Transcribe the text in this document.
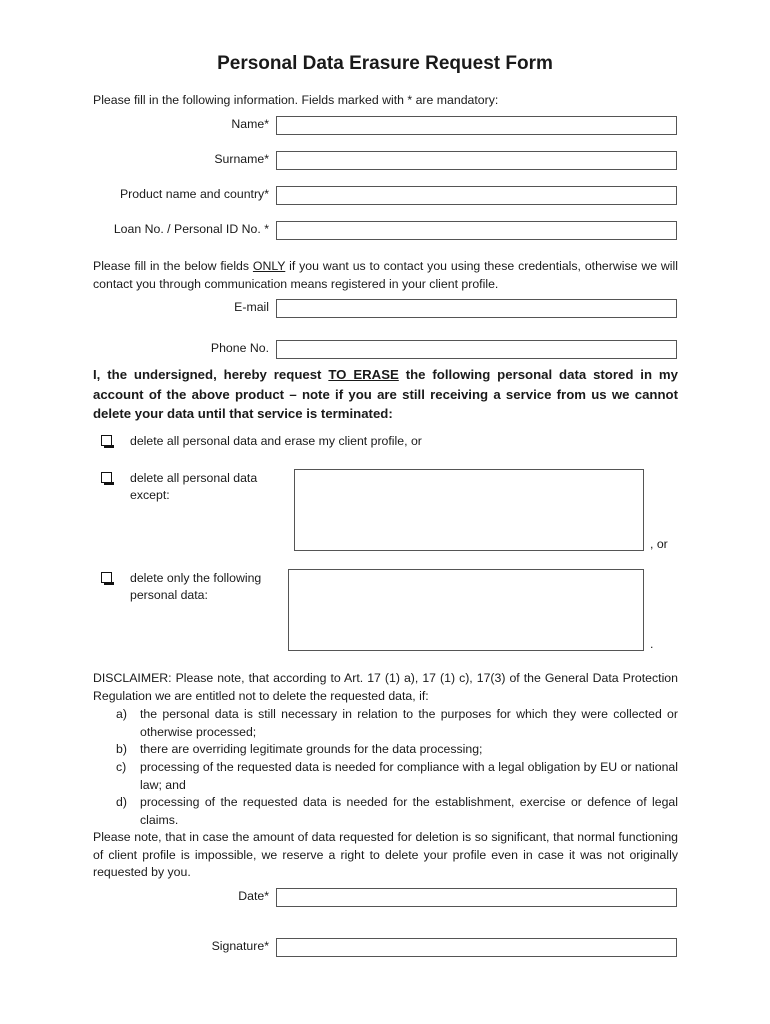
Personal Data Erasure Request Form
Please fill in the following information. Fields marked with * are mandatory:
Name*
Surname*
Product name and country*
Loan No. / Personal ID No. *
Please fill in the below fields ONLY if you want us to contact you using these credentials, otherwise we will contact you through communication means registered in your client profile.
E-mail
Phone No.
I, the undersigned, hereby request TO ERASE the following personal data stored in my account of the above product – note if you are still receiving a service from us we cannot delete your data until that service is terminated:
delete all personal data and erase my client profile, or
delete all personal data
except:
, or
delete only the following
personal data:
.
DISCLAIMER: Please note, that according to Art. 17 (1) a), 17 (1) c), 17(3) of the General Data Protection Regulation we are entitled not to delete the requested data, if:
a) the personal data is still necessary in relation to the purposes for which they were collected or otherwise processed;
b) there are overriding legitimate grounds for the data processing;
c) processing of the requested data is needed for compliance with a legal obligation by EU or national law; and
d) processing of the requested data is needed for the establishment, exercise or defence of legal claims.
Please note, that in case the amount of data requested for deletion is so significant, that normal functioning of client profile is impossible, we reserve a right to delete your profile even in case it was not originally requested by you.
Date*
Signature*
